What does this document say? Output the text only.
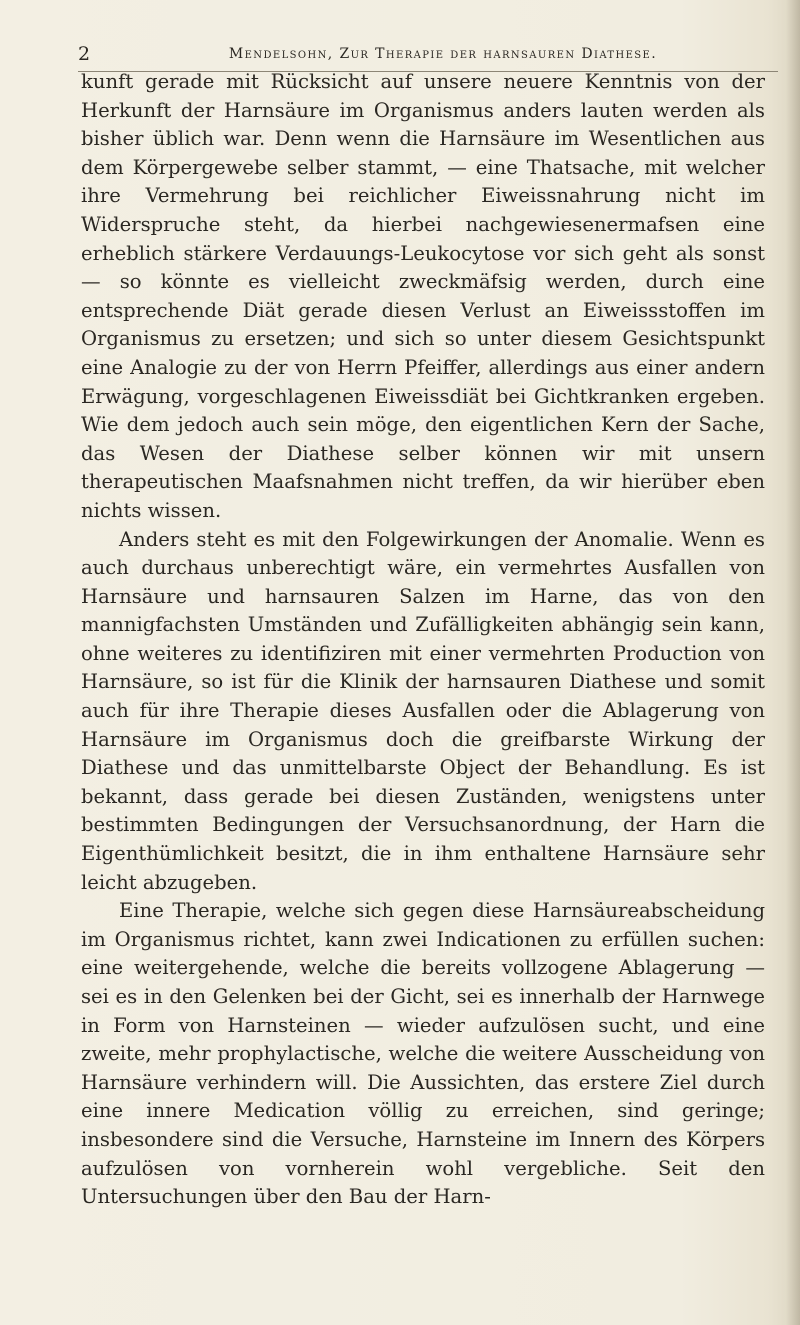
2	Mendelsohn, Zur Therapie der harnsauren Diathese.

kunft gerade mit Rücksicht auf unsere neuere Kenntnis von der Herkunft der Harnsäure im Organismus anders lauten werden als bisher üblich war. Denn wenn die Harnsäure im Wesentlichen aus dem Körpergewebe selber stammt, — eine Thatsache, mit welcher ihre Vermehrung bei reichlicher Eiweissnahrung nicht im Widerspruche steht, da hierbei nachgewiesenermafsen eine erheblich stärkere Verdauungs-Leukocytose vor sich geht als sonst — so könnte es vielleicht zweckmäfsig werden, durch eine entsprechende Diät gerade diesen Verlust an Eiweissstoffen im Organismus zu ersetzen; und sich so unter diesem Gesichtspunkt eine Analogie zu der von Herrn Pfeiffer, allerdings aus einer andern Erwägung, vorgeschlagenen Eiweissdiät bei Gichtkranken ergeben. Wie dem jedoch auch sein möge, den eigentlichen Kern der Sache, das Wesen der Diathese selber können wir mit unsern therapeutischen Maafsnahmen nicht treffen, da wir hierüber eben nichts wissen.

Anders steht es mit den Folgewirkungen der Anomalie. Wenn es auch durchaus unberechtigt wäre, ein vermehrtes Ausfallen von Harnsäure und harnsauren Salzen im Harne, das von den mannigfachsten Umständen und Zufälligkeiten abhängig sein kann, ohne weiteres zu identifiziren mit einer vermehrten Production von Harnsäure, so ist für die Klinik der harnsauren Diathese und somit auch für ihre Therapie dieses Ausfallen oder die Ablagerung von Harnsäure im Organismus doch die greifbarste Wirkung der Diathese und das unmittelbarste Object der Behandlung. Es ist bekannt, dass gerade bei diesen Zuständen, wenigstens unter bestimmten Bedingungen der Versuchsanordnung, der Harn die Eigenthümlichkeit besitzt, die in ihm enthaltene Harnsäure sehr leicht abzugeben.

Eine Therapie, welche sich gegen diese Harnsäureabscheidung im Organismus richtet, kann zwei Indicationen zu erfüllen suchen: eine weitergehende, welche die bereits vollzogene Ablagerung — sei es in den Gelenken bei der Gicht, sei es innerhalb der Harnwege in Form von Harnsteinen — wieder aufzulösen sucht, und eine zweite, mehr prophylactische, welche die weitere Ausscheidung von Harnsäure verhindern will. Die Aussichten, das erstere Ziel durch eine innere Medication völlig zu erreichen, sind geringe; insbesondere sind die Versuche, Harnsteine im Innern des Körpers aufzulösen von vornherein wohl vergebliche. Seit den Untersuchungen über den Bau der Harn-
